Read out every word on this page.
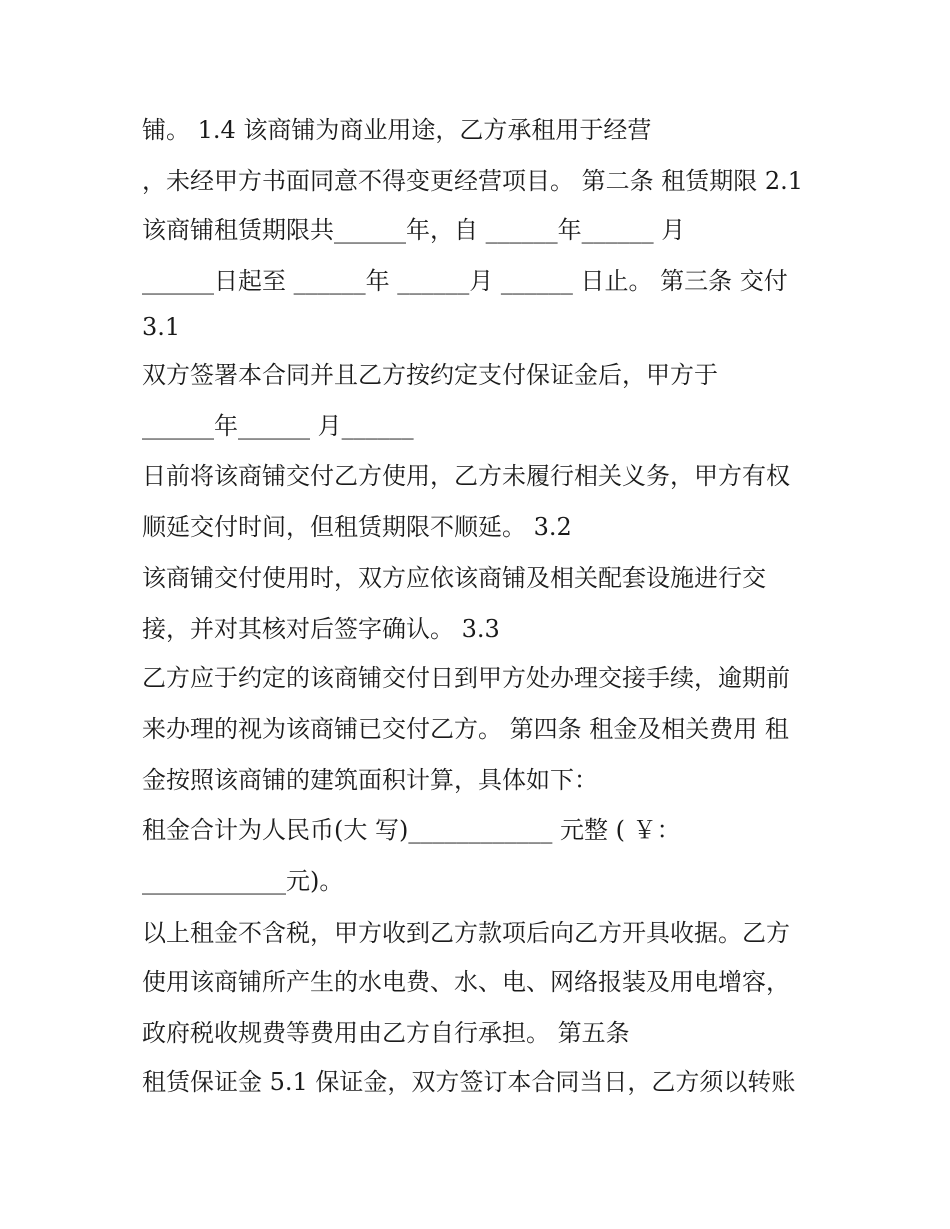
铺。 1.4 该商铺为商业用途，乙方承租用于经营
，未经甲方书面同意不得变更经营项目。 第二条 租赁期限 2.1
该商铺租赁期限共______年，自 ______年______ 月
______日起至 ______年 ______月 ______ 日止。 第三条 交付
3.1
双方签署本合同并且乙方按约定支付保证金后，甲方于
______年______ 月______
日前将该商铺交付乙方使用，乙方未履行相关义务，甲方有权
顺延交付时间，但租赁期限不顺延。 3.2
该商铺交付使用时，双方应依该商铺及相关配套设施进行交
接，并对其核对后签字确认。 3.3
乙方应于约定的该商铺交付日到甲方处办理交接手续，逾期前
来办理的视为该商铺已交付乙方。 第四条 租金及相关费用 租
金按照该商铺的建筑面积计算，具体如下：
租金合计为人民币(大 写)____________ 元整 ( ￥：
____________元)。
以上租金不含税，甲方收到乙方款项后向乙方开具收据。乙方
使用该商铺所产生的水电费、水、电、网络报装及用电增容，
政府税收规费等费用由乙方自行承担。 第五条
租赁保证金 5.1 保证金，双方签订本合同当日，乙方须以转账
